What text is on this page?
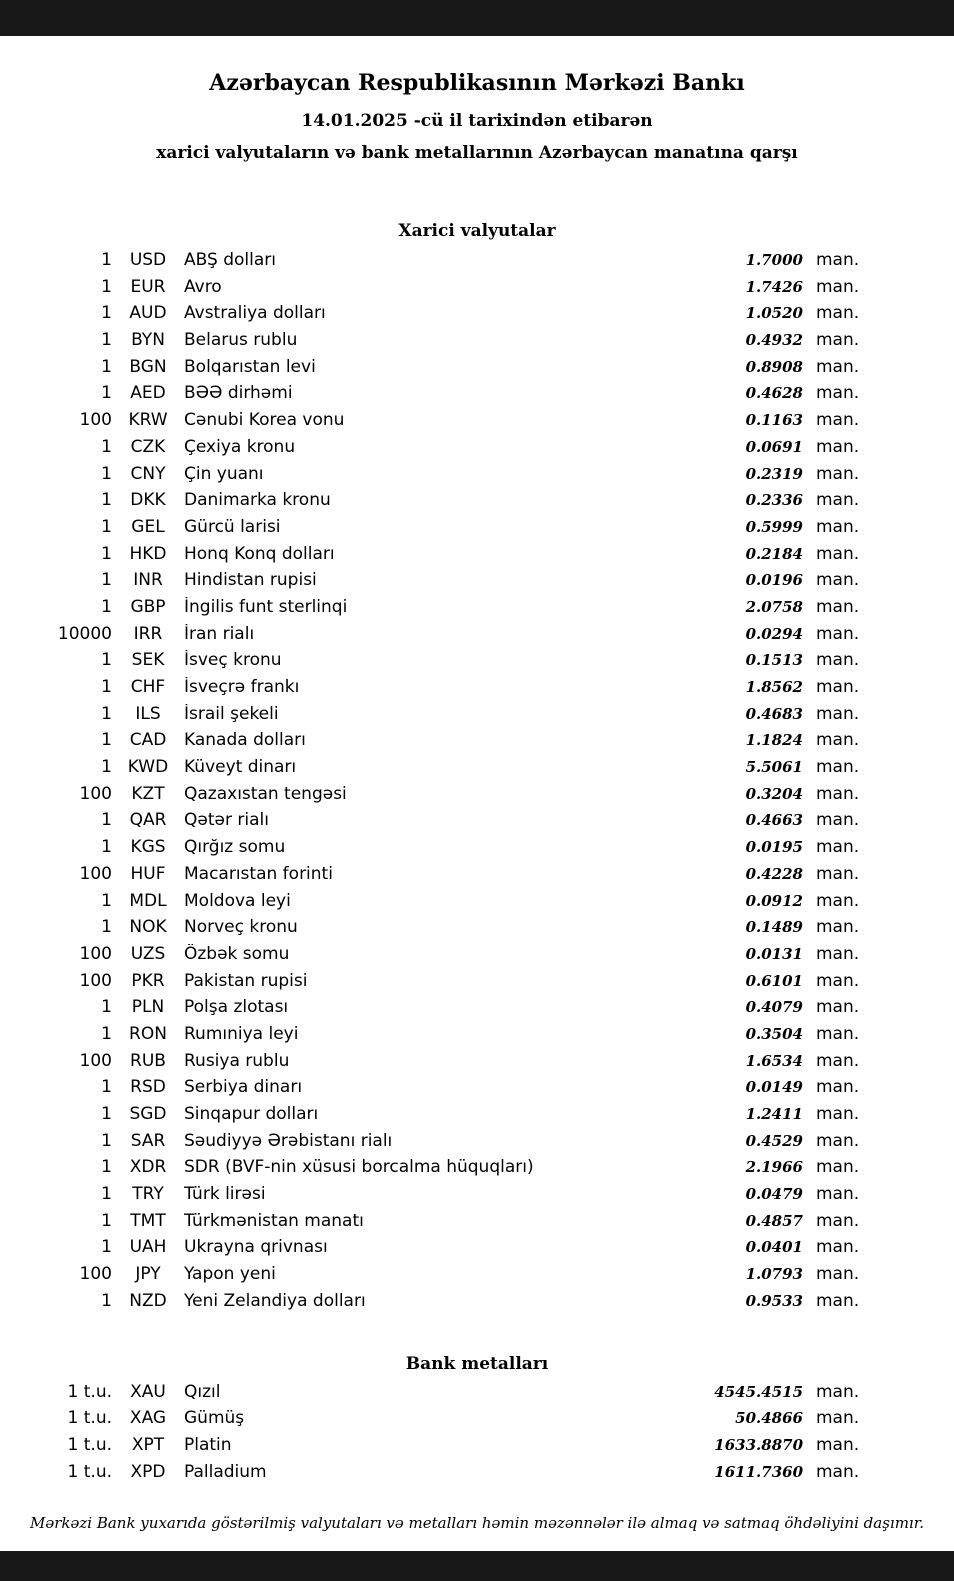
Azərbaycan Respublikasının Mərkəzi Bankı
14.01.2025 -cü il tarixindən etibarən
xarici valyutaların və bank metallarının Azərbaycan manatına qarşı
Xarici valyutalar
1	USD	ABŞ dolları	1.7000 man.
1	EUR	Avro	1.7426 man.
1	AUD	Avstraliya dolları	1.0520 man.
1	BYN	Belarus rublu	0.4932 man.
1	BGN	Bolqarıstan levi	0.8908 man.
1	AED	BƏƏ dirhəmi	0.4628 man.
100 KRW Cənubi Korea vonu	0.1163 man.
1	CZK	Çexiya kronu	0.0691 man.
1	CNY	Çin yuanı	0.2319 man.
1	DKK	Danimarka kronu	0.2336 man.
1	GEL	Gürcü larisi	0.5999 man.
1	HKD	Honq Konq dolları	0.2184 man.
1	INR	Hindistan rupisi	0.0196 man.
1	GBP	İngilis funt sterlinqi	2.0758 man.
10000	IRR	İran rialı	0.0294 man.
1	SEK	İsveç kronu	0.1513 man.
1	CHF	İsveçrə frankı	1.8562 man.
1	ILS	İsrail şekeli	0.4683 man.
1	CAD	Kanada dolları	1.1824 man.
1 KWD Küveyt dinarı	5.5061 man.
100	KZT	Qazaxıstan tengəsi	0.3204 man.
1	QAR	Qətər rialı	0.4663 man.
1	KGS	Qırğız somu	0.0195 man.
100	HUF	Macarıstan forinti	0.4228 man.
1	MDL	Moldova leyi	0.0912 man.
1	NOK	Norveç kronu	0.1489 man.
100	UZS	Özbək somu	0.0131 man.
100	PKR	Pakistan rupisi	0.6101 man.
1	PLN	Polşa zlotası	0.4079 man.
1	RON	Rumıniya leyi	0.3504 man.
100	RUB	Rusiya rublu	1.6534 man.
1	RSD	Serbiya dinarı	0.0149 man.
1	SGD	Sinqapur dolları	1.2411 man.
1	SAR	Səudiyyə Ərəbistanı rialı	0.4529 man.
1	XDR	SDR (BVF-nin xüsusi borcalma hüquqları)	2.1966 man.
1	TRY	Türk lirəsi	0.0479 man.
1	TMT	Türkmənistan manatı	0.4857 man.
1	UAH	Ukrayna qrivnası	0.0401 man.
100	JPY	Yapon yeni	1.0793 man.
1	NZD	Yeni Zelandiya dolları	0.9533 man.
Bank metalları
1 t.u.	XAU	Qızıl	4545.4515 man.
1 t.u.	XAG	Gümüş	50.4866 man.
1 t.u.	XPT	Platin	1633.8870 man.
1 t.u.	XPD	Palladium	1611.7360 man.
Mərkəzi Bank yuxarıda göstərilmiş valyutaları və metalları həmin məzənnələr ilə almaq və satmaq öhdəliyini daşımır.
